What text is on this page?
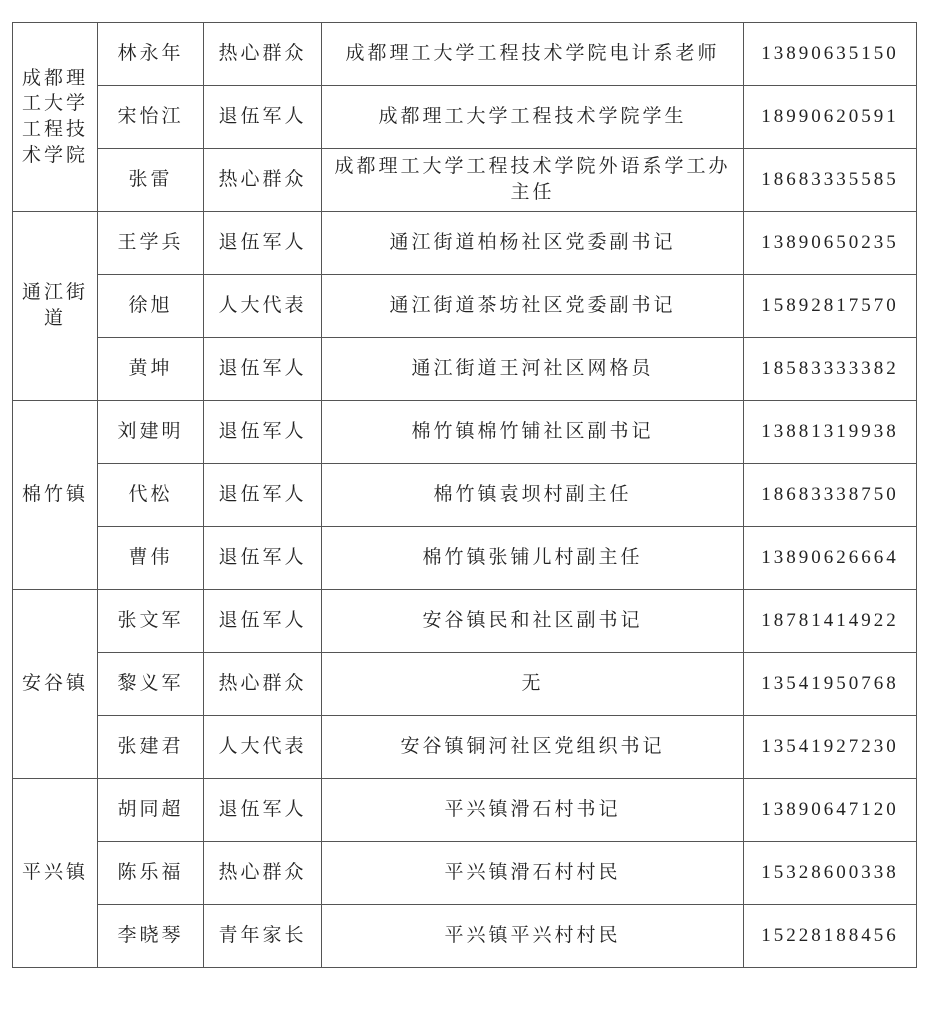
成都理工大学工程技术学院	林永年	热心群众	成都理工大学工程技术学院电计系老师	13890635150
	宋怡江	退伍军人	成都理工大学工程技术学院学生	18990620591
	张雷	热心群众	成都理工大学工程技术学院外语系学工办主任	18683335585
通江街道	王学兵	退伍军人	通江街道柏杨社区党委副书记	13890650235
	徐旭	人大代表	通江街道茶坊社区党委副书记	15892817570
	黄坤	退伍军人	通江街道王河社区网格员	18583333382
棉竹镇	刘建明	退伍军人	棉竹镇棉竹铺社区副书记	13881319938
	代松	退伍军人	棉竹镇袁坝村副主任	18683338750
	曹伟	退伍军人	棉竹镇张铺儿村副主任	13890626664
安谷镇	张文军	退伍军人	安谷镇民和社区副书记	18781414922
	黎义军	热心群众	无	13541950768
	张建君	人大代表	安谷镇铜河社区党组织书记	13541927230
平兴镇	胡同超	退伍军人	平兴镇滑石村书记	13890647120
	陈乐福	热心群众	平兴镇滑石村村民	15328600338
	李晓琴	青年家长	平兴镇平兴村村民	15228188456
